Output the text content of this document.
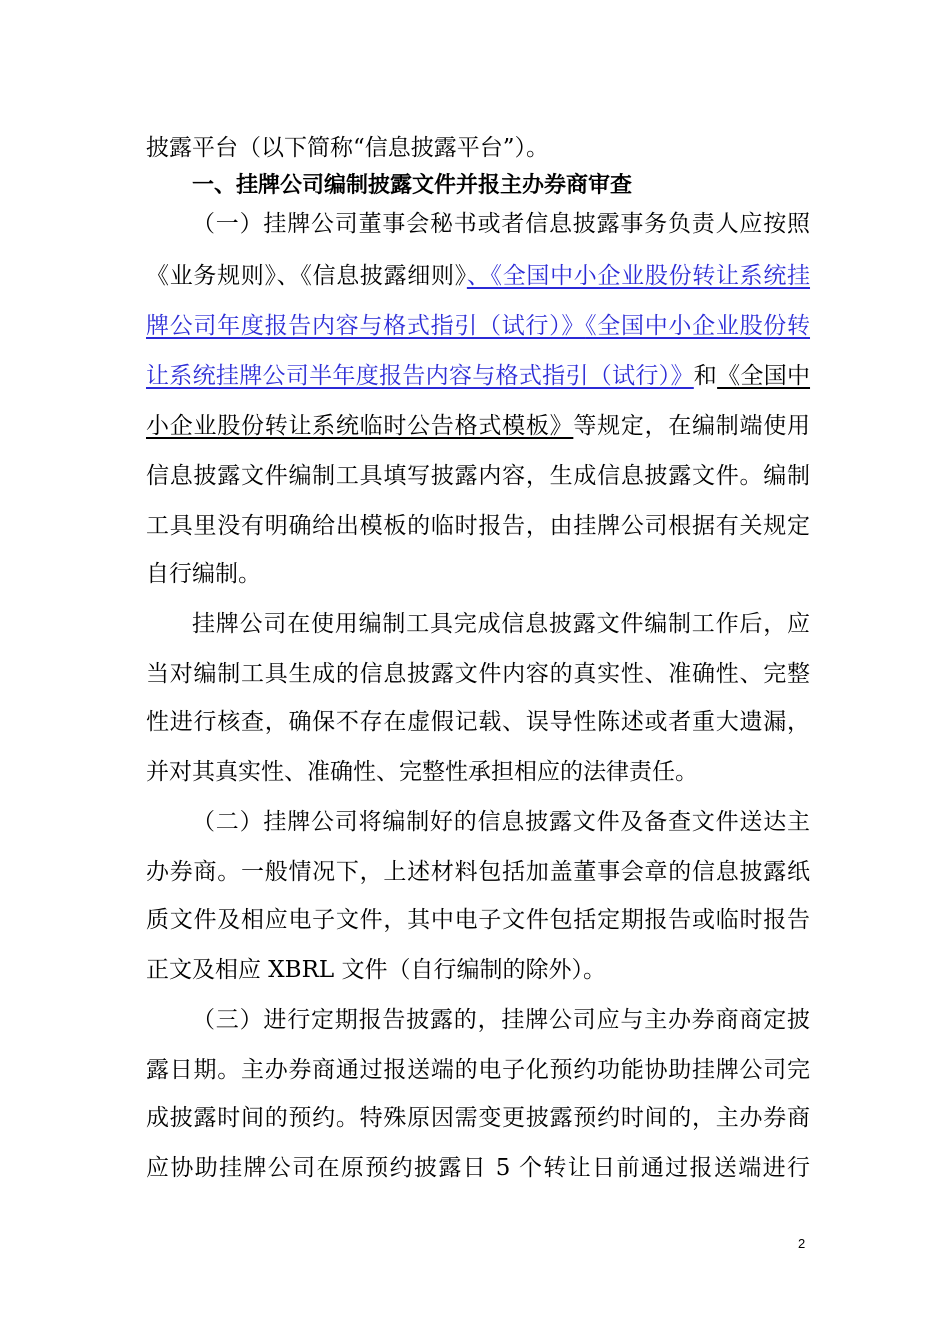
披露平台（以下简称“信息披露平台”）。
一、挂牌公司编制披露文件并报主办券商审查
（一）挂牌公司董事会秘书或者信息披露事务负责人应按照
《业务规则》、《信息披露细则》、《全国中小企业股份转让系统挂
牌公司年度报告内容与格式指引（试行）》《全国中小企业股份转
让系统挂牌公司半年度报告内容与格式指引（试行）》和《全国中
小企业股份转让系统临时公告格式模板》等规定，在编制端使用
信息披露文件编制工具填写披露内容，生成信息披露文件。编制
工具里没有明确给出模板的临时报告，由挂牌公司根据有关规定
自行编制。
挂牌公司在使用编制工具完成信息披露文件编制工作后，应
当对编制工具生成的信息披露文件内容的真实性、准确性、完整
性进行核查，确保不存在虚假记载、误导性陈述或者重大遗漏，
并对其真实性、准确性、完整性承担相应的法律责任。
（二）挂牌公司将编制好的信息披露文件及备查文件送达主
办券商。一般情况下，上述材料包括加盖董事会章的信息披露纸
质文件及相应电子文件，其中电子文件包括定期报告或临时报告
正文及相应 XBRL 文件（自行编制的除外）。
（三）进行定期报告披露的，挂牌公司应与主办券商商定披
露日期。主办券商通过报送端的电子化预约功能协助挂牌公司完
成披露时间的预约。特殊原因需变更披露预约时间的，主办券商
应协助挂牌公司在原预约披露日 5 个转让日前通过报送端进行
2
